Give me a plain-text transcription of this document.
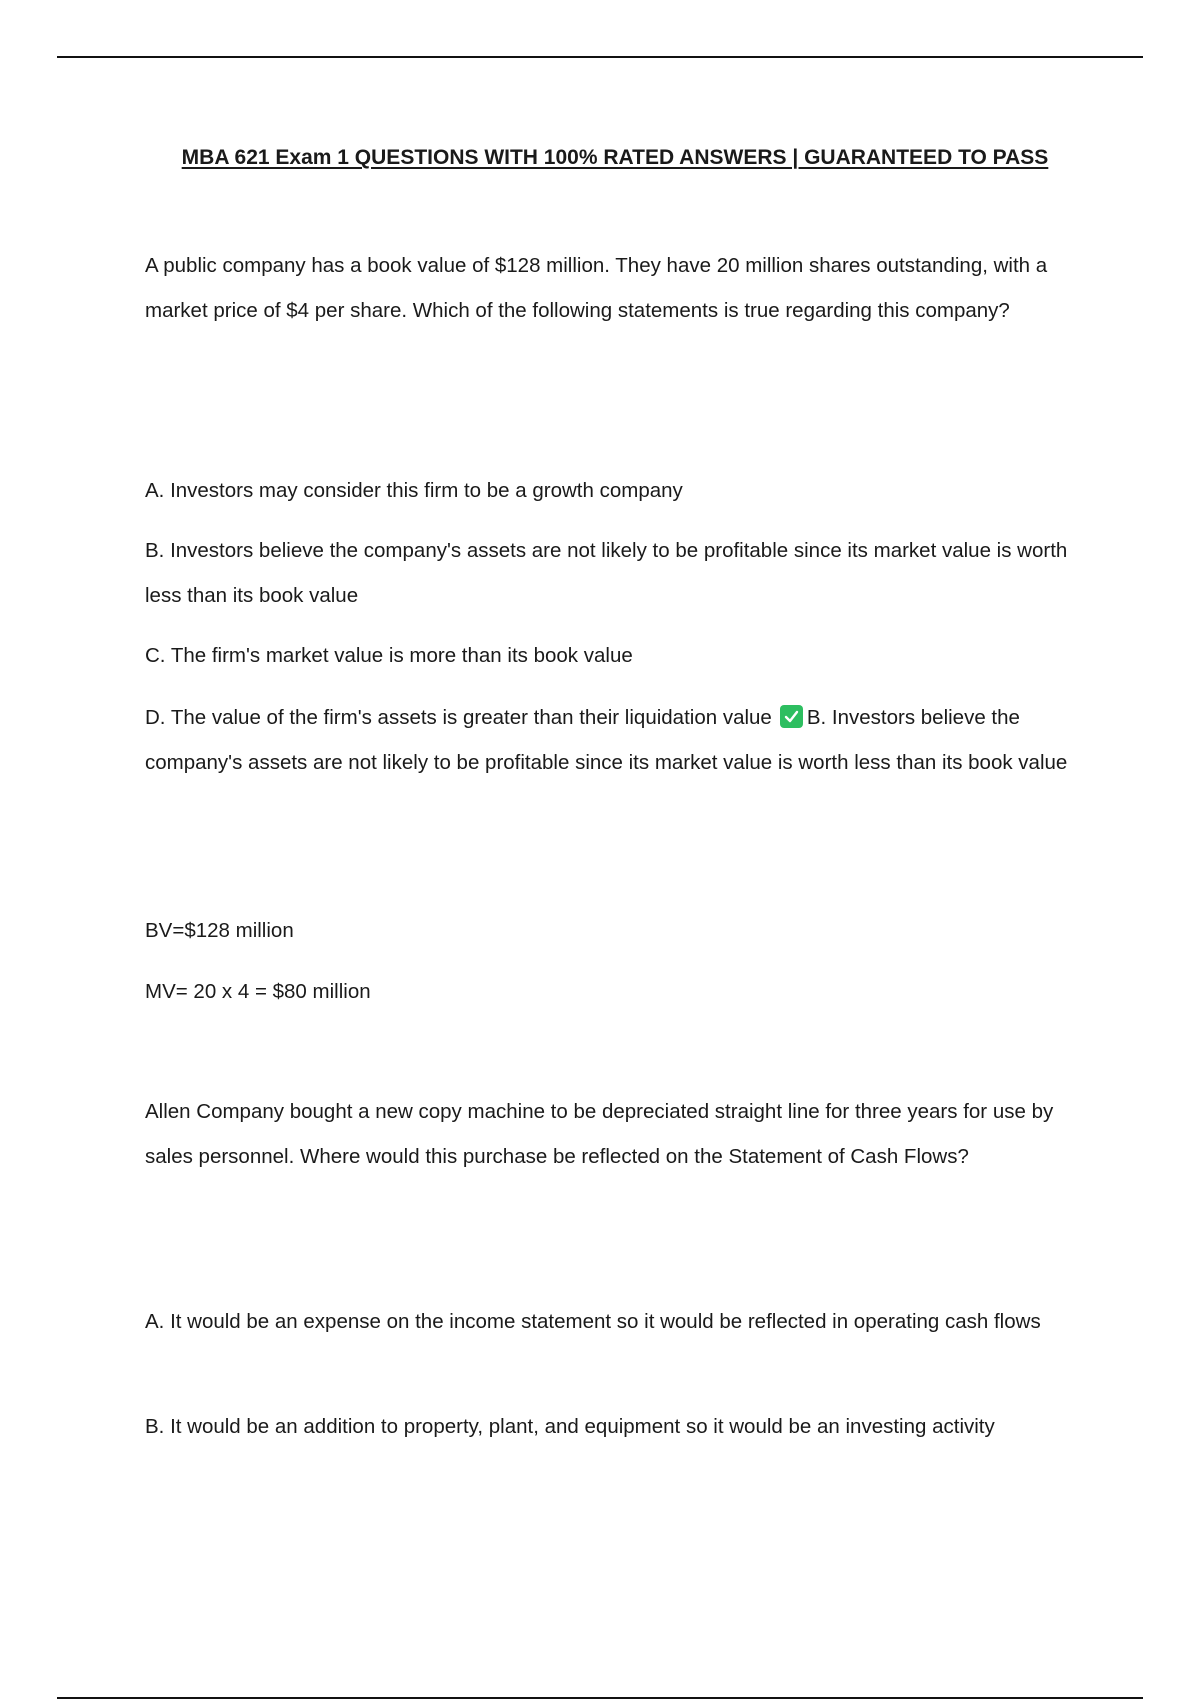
MBA 621 Exam 1 QUESTIONS WITH 100% RATED ANSWERS | GUARANTEED TO PASS

A public company has a book value of $128 million. They have 20 million shares outstanding, with a market price of $4 per share. Which of the following statements is true regarding this company?

A. Investors may consider this firm to be a growth company

B. Investors believe the company's assets are not likely to be profitable since its market value is worth less than its book value

C. The firm's market value is more than its book value

D. The value of the firm's assets is greater than their liquidation value B. Investors believe the company's assets are not likely to be profitable since its market value is worth less than its book value

BV=$128 million

MV= 20 x 4 = $80 million

Allen Company bought a new copy machine to be depreciated straight line for three years for use by sales personnel. Where would this purchase be reflected on the Statement of Cash Flows?

A. It would be an expense on the income statement so it would be reflected in operating cash flows

B. It would be an addition to property, plant, and equipment so it would be an investing activity
